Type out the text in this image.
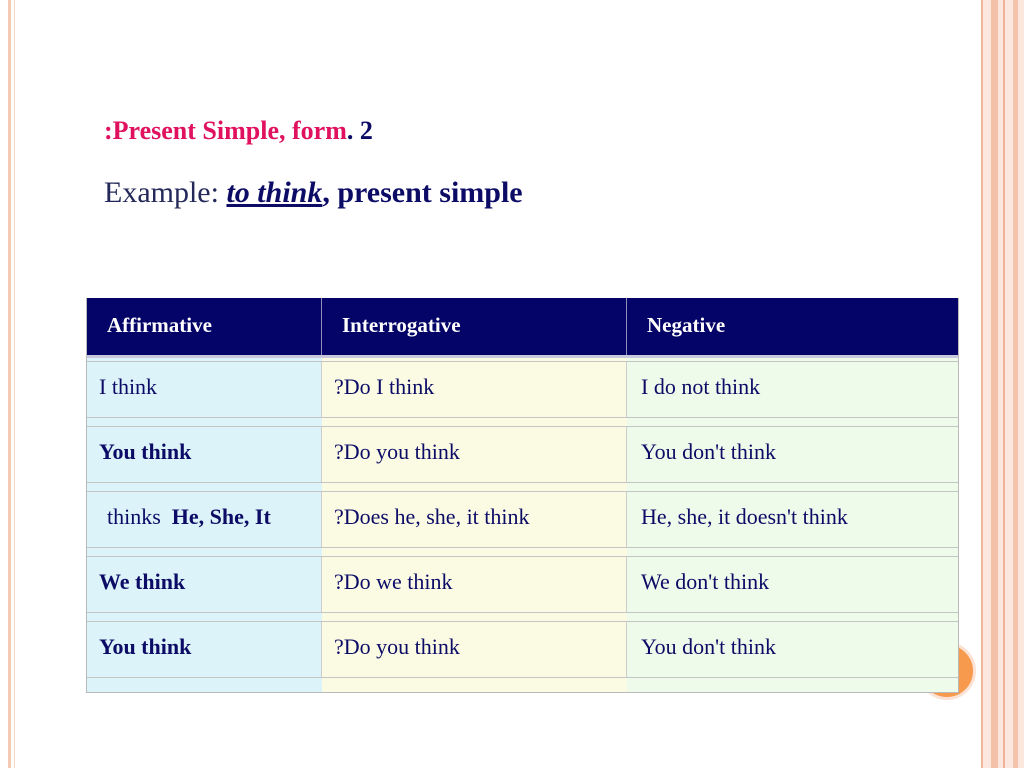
:Present Simple, form. 2
Example: to think, present simple
Affirmative	Interrogative	Negative
I think	?Do I think	I do not think
You think	?Do you think	You don't think
thinks He, She, It	?Does he, she, it think	He, she, it doesn't think
We think	?Do we think	We don't think
You think	?Do you think	You don't think
